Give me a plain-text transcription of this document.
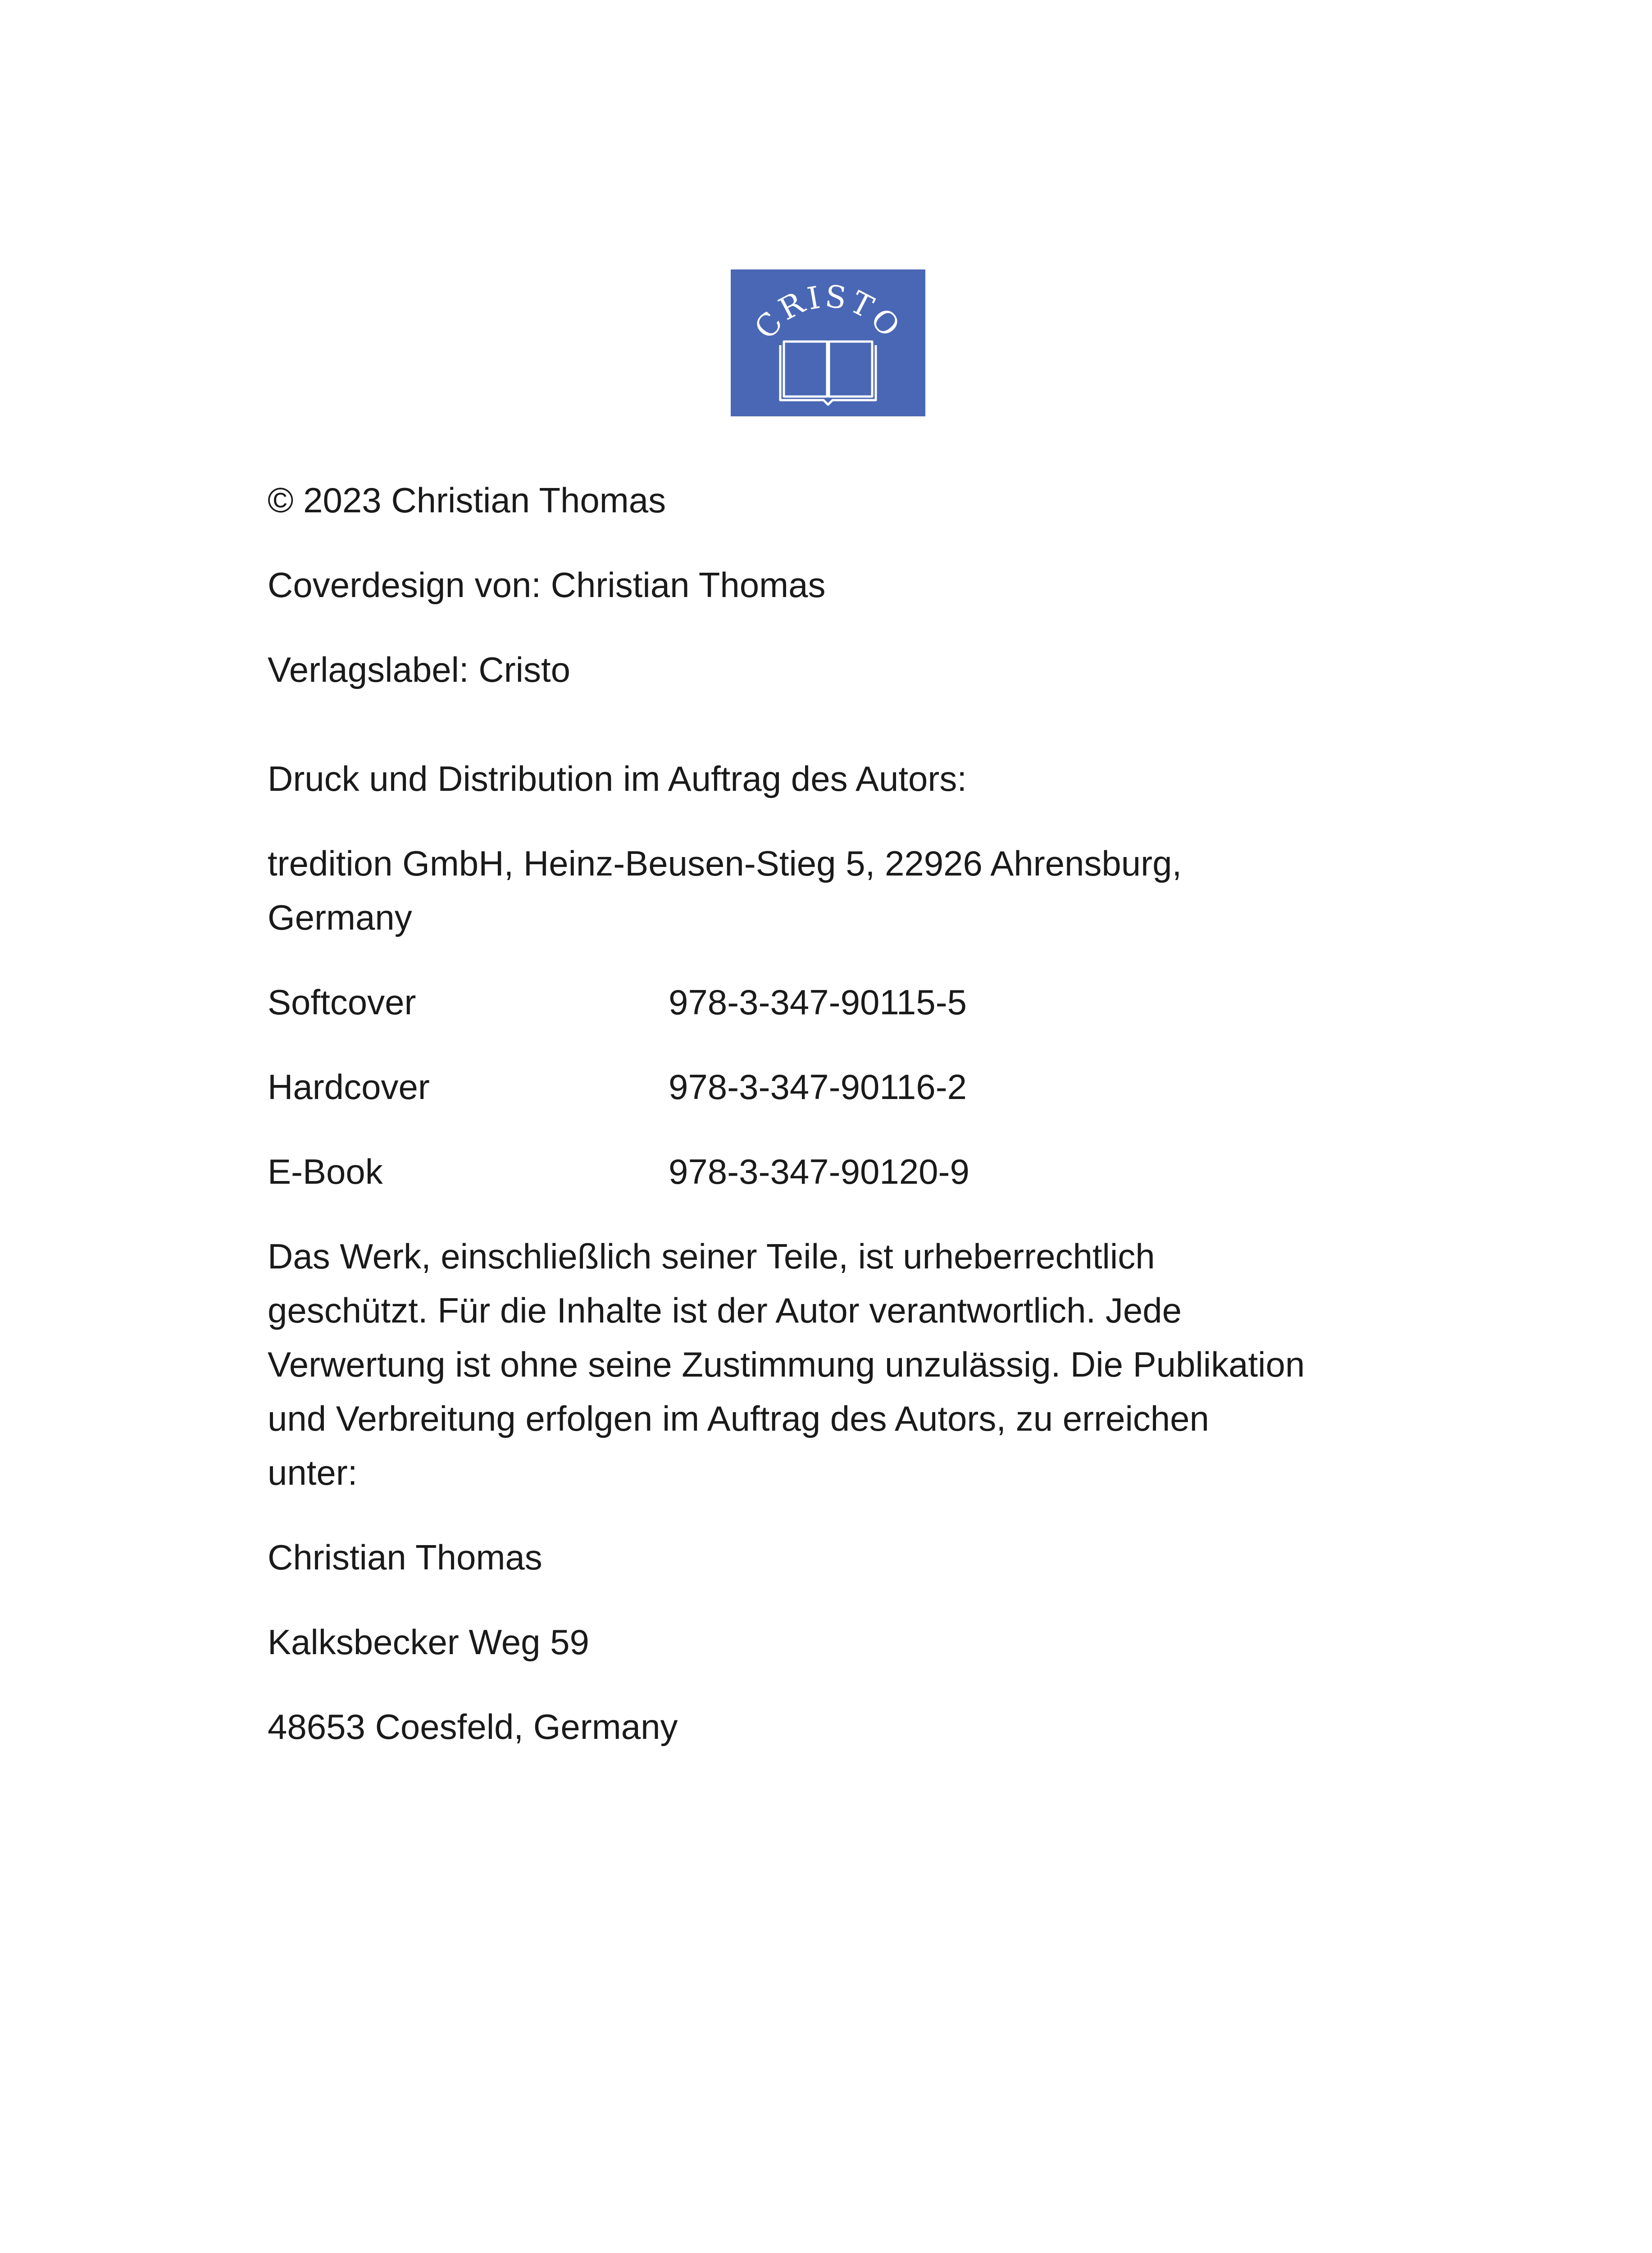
CRISTO

© 2023 Christian Thomas

Coverdesign von: Christian Thomas

Verlagslabel: Cristo

Druck und Distribution im Auftrag des Autors:

tredition GmbH, Heinz-Beusen-Stieg 5, 22926 Ahrensburg,

Germany

Softcover	978-3-347-90115-5
Hardcover	978-3-347-90116-2
E-Book	978-3-347-90120-9

Das Werk, einschließlich seiner Teile, ist urheberrechtlich

geschützt. Für die Inhalte ist der Autor verantwortlich. Jede

Verwertung ist ohne seine Zustimmung unzulässig. Die Publikation

und Verbreitung erfolgen im Auftrag des Autors, zu erreichen

unter:

Christian Thomas

Kalksbecker Weg 59

48653 Coesfeld, Germany
